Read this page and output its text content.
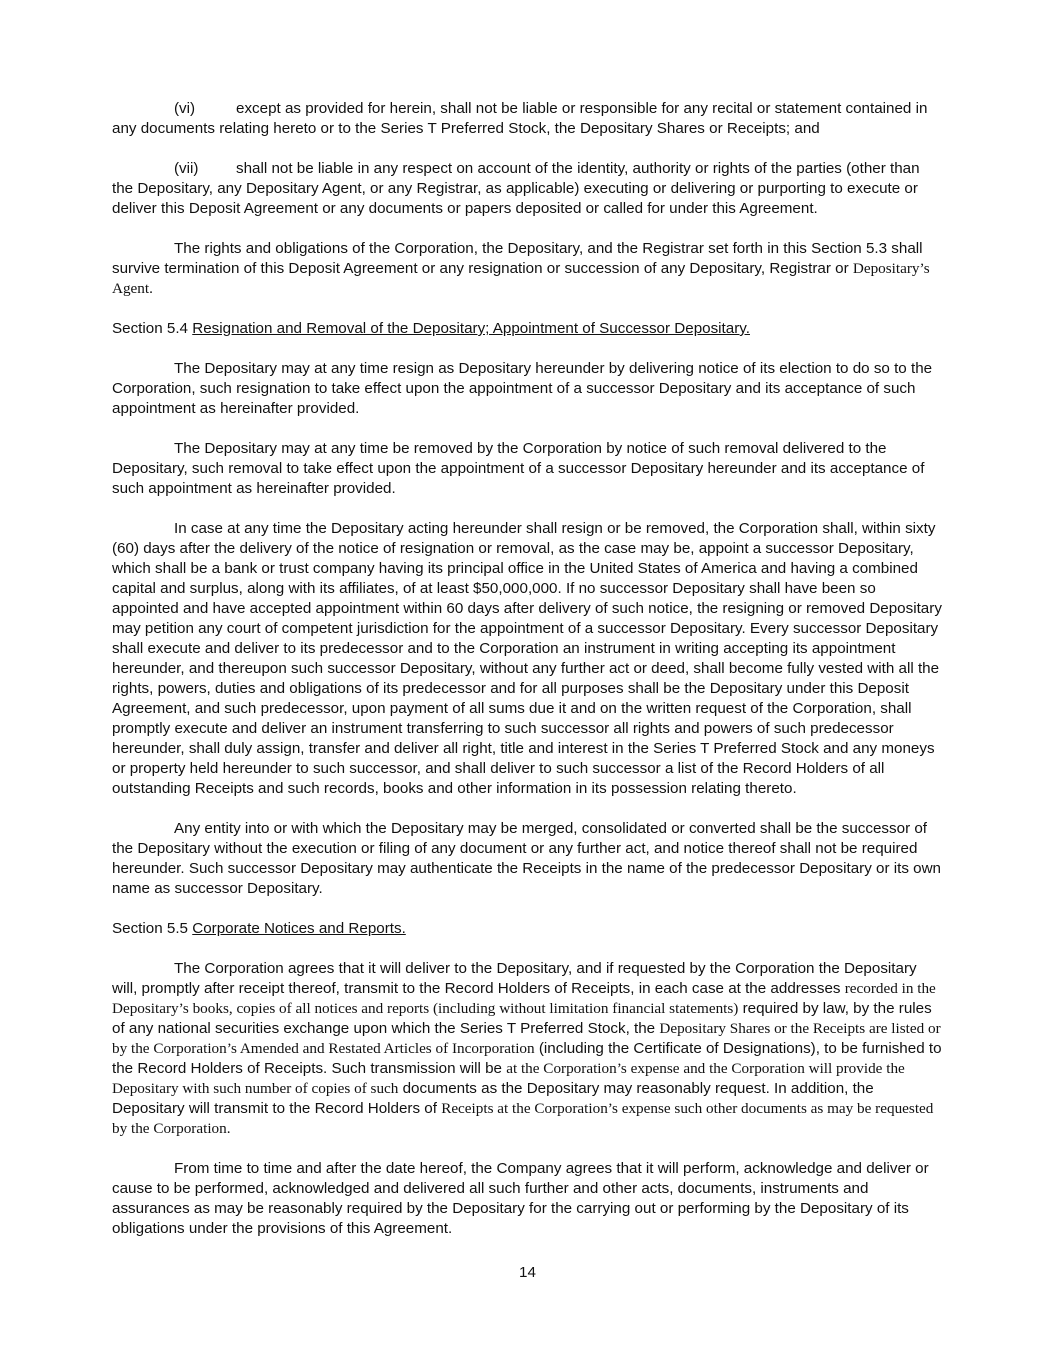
(vi)	except as provided for herein, shall not be liable or responsible for any recital or statement contained in any documents relating hereto or to the Series T Preferred Stock, the Depositary Shares or Receipts; and

(vii) shall not be liable in any respect on account of the identity, authority or rights of the parties (other than the Depositary, any Depositary Agent, or any Registrar, as applicable) executing or delivering or purporting to execute or deliver this Deposit Agreement or any documents or papers deposited or called for under this Agreement.

The rights and obligations of the Corporation, the Depositary, and the Registrar set forth in this Section 5.3 shall survive termination of this Deposit Agreement or any resignation or succession of any Depositary, Registrar or Depositary’s Agent.

Section 5.4 Resignation and Removal of the Depositary; Appointment of Successor Depositary.

The Depositary may at any time resign as Depositary hereunder by delivering notice of its election to do so to the Corporation, such resignation to take effect upon the appointment of a successor Depositary and its acceptance of such appointment as hereinafter provided.

The Depositary may at any time be removed by the Corporation by notice of such removal delivered to the Depositary, such removal to take effect upon the appointment of a successor Depositary hereunder and its acceptance of such appointment as hereinafter provided.

In case at any time the Depositary acting hereunder shall resign or be removed, the Corporation shall, within sixty (60) days after the delivery of the notice of resignation or removal, as the case may be, appoint a successor Depositary, which shall be a bank or trust company having its principal office in the United States of America and having a combined capital and surplus, along with its affiliates, of at least $50,000,000. If no successor Depositary shall have been so appointed and have accepted appointment within 60 days after delivery of such notice, the resigning or removed Depositary may petition any court of competent jurisdiction for the appointment of a successor Depositary. Every successor Depositary shall execute and deliver to its predecessor and to the Corporation an instrument in writing accepting its appointment hereunder, and thereupon such successor Depositary, without any further act or deed, shall become fully vested with all the rights, powers, duties and obligations of its predecessor and for all purposes shall be the Depositary under this Deposit Agreement, and such predecessor, upon payment of all sums due it and on the written request of the Corporation, shall promptly execute and deliver an instrument transferring to such successor all rights and powers of such predecessor hereunder, shall duly assign, transfer and deliver all right, title and interest in the Series T Preferred Stock and any moneys or property held hereunder to such successor, and shall deliver to such successor a list of the Record Holders of all outstanding Receipts and such records, books and other information in its possession relating thereto.

Any entity into or with which the Depositary may be merged, consolidated or converted shall be the successor of the Depositary without the execution or filing of any document or any further act, and notice thereof shall not be required hereunder. Such successor Depositary may authenticate the Receipts in the name of the predecessor Depositary or its own name as successor Depositary.

Section 5.5 Corporate Notices and Reports.

The Corporation agrees that it will deliver to the Depositary, and if requested by the Corporation the Depositary will, promptly after receipt thereof, transmit to the Record Holders of Receipts, in each case at the addresses recorded in the Depositary’s books, copies of all notices and reports (including without limitation financial statements) required by law, by the rules of any national securities exchange upon which the Series T Preferred Stock, the Depositary Shares or the Receipts are listed or by the Corporation’s Amended and Restated Articles of Incorporation (including the Certificate of Designations), to be furnished to the Record Holders of Receipts. Such transmission will be at the Corporation’s expense and the Corporation will provide the Depositary with such number of copies of such documents as the Depositary may reasonably request. In addition, the Depositary will transmit to the Record Holders of Receipts at the Corporation’s expense such other documents as may be requested by the Corporation.

From time to time and after the date hereof, the Company agrees that it will perform, acknowledge and deliver or cause to be performed, acknowledged and delivered all such further and other acts, documents, instruments and assurances as may be reasonably required by the Depositary for the carrying out or performing by the Depositary of its obligations under the provisions of this Agreement.

14
